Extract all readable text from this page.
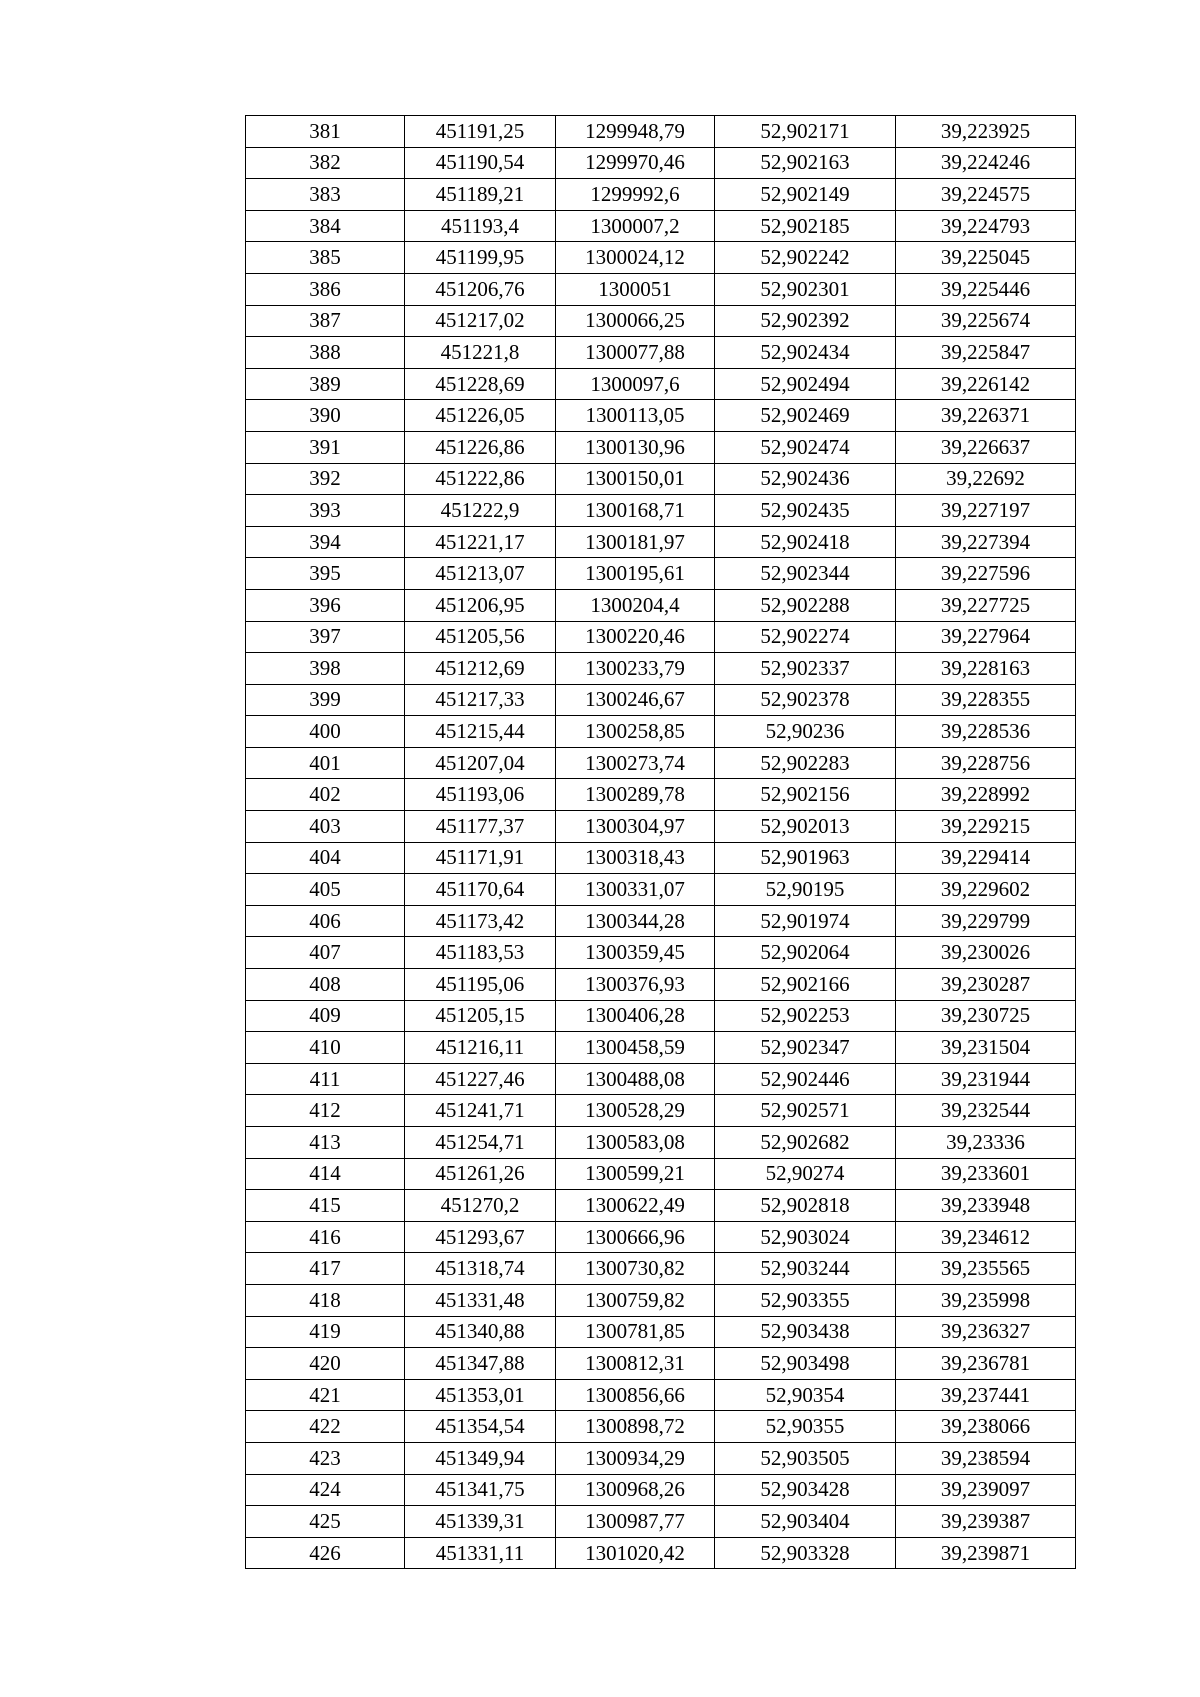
381	451191,25	1299948,79	52,902171	39,223925
382	451190,54	1299970,46	52,902163	39,224246
383	451189,21	1299992,6	52,902149	39,224575
384	451193,4	1300007,2	52,902185	39,224793
385	451199,95	1300024,12	52,902242	39,225045
386	451206,76	1300051	52,902301	39,225446
387	451217,02	1300066,25	52,902392	39,225674
388	451221,8	1300077,88	52,902434	39,225847
389	451228,69	1300097,6	52,902494	39,226142
390	451226,05	1300113,05	52,902469	39,226371
391	451226,86	1300130,96	52,902474	39,226637
392	451222,86	1300150,01	52,902436	39,22692
393	451222,9	1300168,71	52,902435	39,227197
394	451221,17	1300181,97	52,902418	39,227394
395	451213,07	1300195,61	52,902344	39,227596
396	451206,95	1300204,4	52,902288	39,227725
397	451205,56	1300220,46	52,902274	39,227964
398	451212,69	1300233,79	52,902337	39,228163
399	451217,33	1300246,67	52,902378	39,228355
400	451215,44	1300258,85	52,90236	39,228536
401	451207,04	1300273,74	52,902283	39,228756
402	451193,06	1300289,78	52,902156	39,228992
403	451177,37	1300304,97	52,902013	39,229215
404	451171,91	1300318,43	52,901963	39,229414
405	451170,64	1300331,07	52,90195	39,229602
406	451173,42	1300344,28	52,901974	39,229799
407	451183,53	1300359,45	52,902064	39,230026
408	451195,06	1300376,93	52,902166	39,230287
409	451205,15	1300406,28	52,902253	39,230725
410	451216,11	1300458,59	52,902347	39,231504
411	451227,46	1300488,08	52,902446	39,231944
412	451241,71	1300528,29	52,902571	39,232544
413	451254,71	1300583,08	52,902682	39,23336
414	451261,26	1300599,21	52,90274	39,233601
415	451270,2	1300622,49	52,902818	39,233948
416	451293,67	1300666,96	52,903024	39,234612
417	451318,74	1300730,82	52,903244	39,235565
418	451331,48	1300759,82	52,903355	39,235998
419	451340,88	1300781,85	52,903438	39,236327
420	451347,88	1300812,31	52,903498	39,236781
421	451353,01	1300856,66	52,90354	39,237441
422	451354,54	1300898,72	52,90355	39,238066
423	451349,94	1300934,29	52,903505	39,238594
424	451341,75	1300968,26	52,903428	39,239097
425	451339,31	1300987,77	52,903404	39,239387
426	451331,11	1301020,42	52,903328	39,239871
